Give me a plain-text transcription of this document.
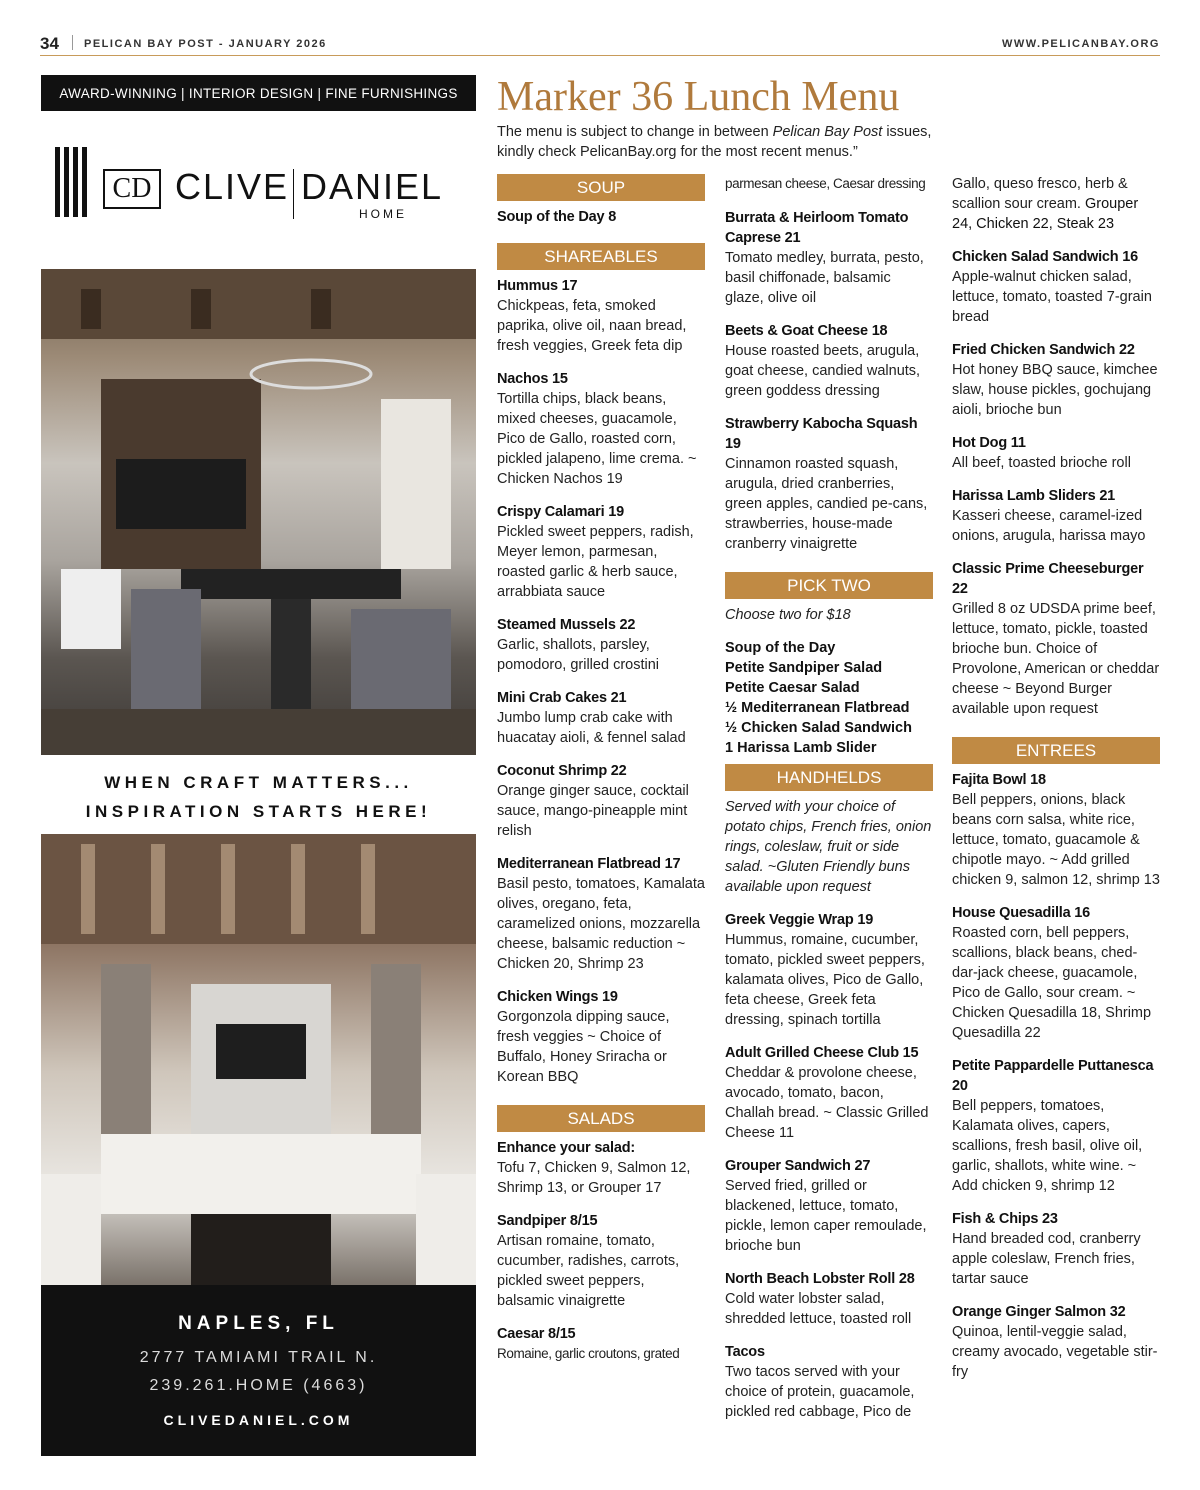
34 PELICAN BAY POST - JANUARY 2026	WWW.PELICANBAY.ORG
AWARD-WINNING | INTERIOR DESIGN | FINE FURNISHINGS
CD CLIVE DANIEL
HOME
WHEN CRAFT MATTERS...
INSPIRATION STARTS HERE!
NAPLES, FL
2777 TAMIAMI TRAIL N.
239.261.HOME (4663)
CLIVEDANIEL.COM
Marker 36 Lunch Menu
The menu is subject to change in between Pelican Bay Post issues, kindly check PelicanBay.org for the most recent menus.”
SOUP
Soup of the Day 8
SHAREABLES
Hummus 17
Chickpeas, feta, smoked paprika, olive oil, naan bread, fresh veggies, Greek feta dip
Nachos 15
Tortilla chips, black beans, mixed cheeses, guacamole, Pico de Gallo, roasted corn, pickled jalapeno, lime crema. ~ Chicken Nachos 19
Crispy Calamari 19
Pickled sweet peppers, radish, Meyer lemon, parmesan, roasted garlic & herb sauce, arrabbiata sauce
Steamed Mussels 22
Garlic, shallots, parsley, pomodoro, grilled crostini
Mini Crab Cakes 21
Jumbo lump crab cake with huacatay aioli, & fennel salad
Coconut Shrimp 22
Orange ginger sauce, cocktail sauce, mango-pineapple mint relish
Mediterranean Flatbread 17
Basil pesto, tomatoes, Kamalata olives, oregano, feta, caramelized onions, mozzarella cheese, balsamic reduction ~ Chicken 20, Shrimp 23
Chicken Wings 19
Gorgonzola dipping sauce, fresh veggies ~ Choice of Buffalo, Honey Sriracha or Korean BBQ
SALADS
Enhance your salad:
Tofu 7, Chicken 9, Salmon 12, Shrimp 13, or Grouper 17
Sandpiper 8/15
Artisan romaine, tomato, cucumber, radishes, carrots, pickled sweet peppers, balsamic vinaigrette
Caesar 8/15
Romaine, garlic croutons, grated
parmesan cheese, Caesar dressing
Burrata & Heirloom Tomato Caprese 21
Tomato medley, burrata, pesto, basil chiffonade, balsamic glaze, olive oil
Beets & Goat Cheese 18
House roasted beets, arugula, goat cheese, candied walnuts, green goddess dressing
Strawberry Kabocha Squash 19
Cinnamon roasted squash, arugula, dried cranberries, green apples, candied pe-cans, strawberries, house-made cranberry vinaigrette
PICK TWO
Choose two for $18
Soup of the Day
Petite Sandpiper Salad
Petite Caesar Salad
½ Mediterranean Flatbread
½ Chicken Salad Sandwich
1 Harissa Lamb Slider
HANDHELDS
Served with your choice of potato chips, French fries, onion rings, coleslaw, fruit or side salad. ~Gluten Friendly buns available upon request
Greek Veggie Wrap 19
Hummus, romaine, cucumber, tomato, pickled sweet peppers, kalamata olives, Pico de Gallo, feta cheese, Greek feta dressing, spinach tortilla
Adult Grilled Cheese Club 15
Cheddar & provolone cheese, avocado, tomato, bacon, Challah bread. ~ Classic Grilled Cheese 11
Grouper Sandwich 27
Served fried, grilled or blackened, lettuce, tomato, pickle, lemon caper remoulade, brioche bun
North Beach Lobster Roll 28
Cold water lobster salad, shredded lettuce, toasted roll
Tacos
Two tacos served with your choice of protein, guacamole, pickled red cabbage, Pico de
Gallo, queso fresco, herb & scallion sour cream. Grouper 24, Chicken 22, Steak 23
Chicken Salad Sandwich 16
Apple-walnut chicken salad, lettuce, tomato, toasted 7-grain bread
Fried Chicken Sandwich 22
Hot honey BBQ sauce, kimchee slaw, house pickles, gochujang aioli, brioche bun
Hot Dog 11
All beef, toasted brioche roll
Harissa Lamb Sliders 21
Kasseri cheese, caramel-ized onions, arugula, harissa mayo
Classic Prime Cheeseburger 22
Grilled 8 oz UDSDA prime beef, lettuce, tomato, pickle, toasted brioche bun. Choice of Provolone, American or cheddar cheese ~ Beyond Burger available upon request
ENTREES
Fajita Bowl 18
Bell peppers, onions, black beans corn salsa, white rice, lettuce, tomato, guacamole & chipotle mayo. ~ Add grilled chicken 9, salmon 12, shrimp 13
House Quesadilla 16
Roasted corn, bell peppers, scallions, black beans, ched-dar-jack cheese, guacamole, Pico de Gallo, sour cream. ~ Chicken Quesadilla 18, Shrimp Quesadilla 22
Petite Pappardelle Puttanesca 20
Bell peppers, tomatoes, Kalamata olives, capers, scallions, fresh basil, olive oil, garlic, shallots, white wine. ~ Add chicken 9, shrimp 12
Fish & Chips 23
Hand breaded cod, cranberry apple coleslaw, French fries, tartar sauce
Orange Ginger Salmon 32
Quinoa, lentil-veggie salad, creamy avocado, vegetable stir-fry
